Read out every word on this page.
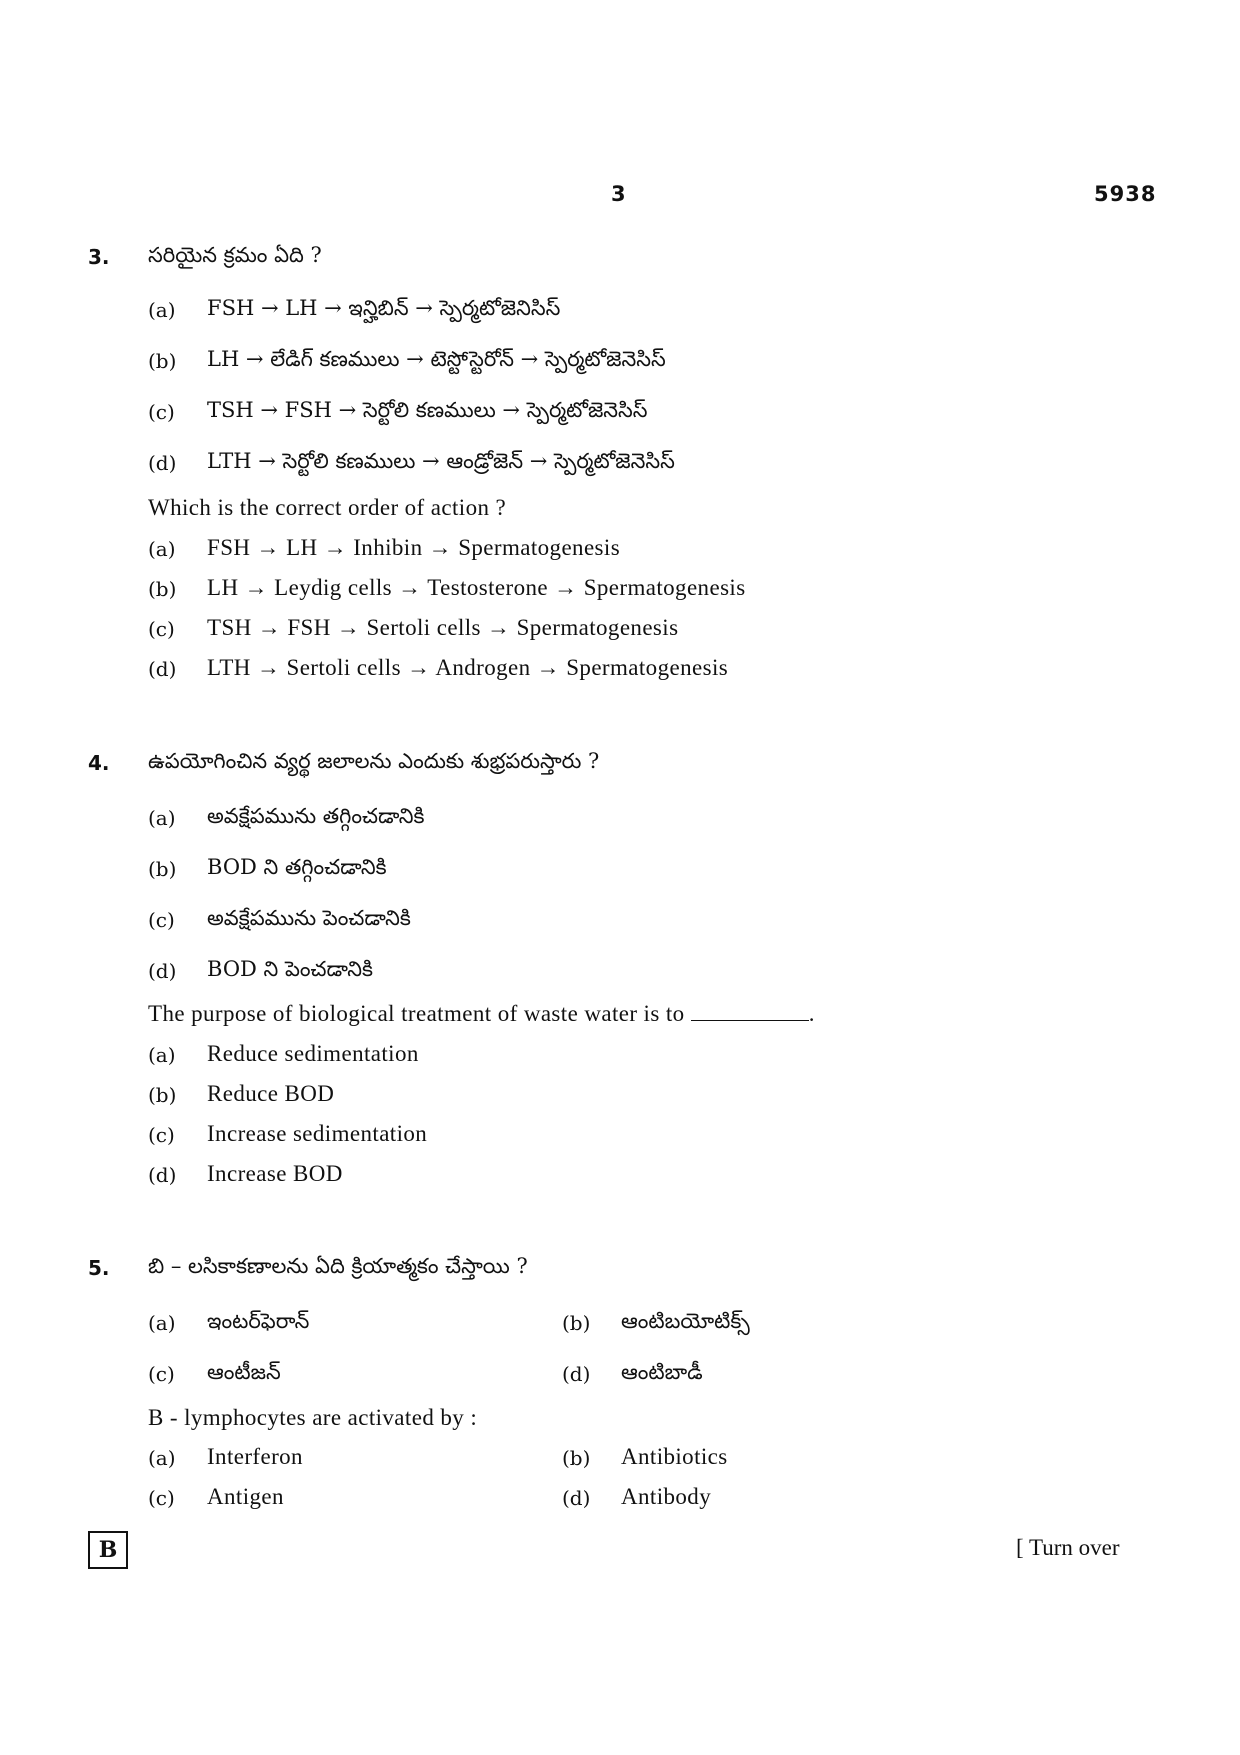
3	5938
3. సరియైన క్రమం ఏది ?
(a) FSH → LH → ఇన్హిబిన్ → స్పెర్మటోజెనిసిస్
(b) LH → లేడిగ్ కణములు → టెస్టోస్టెరోన్ → స్పెర్మటోజెనెసిస్
(c) TSH → FSH → సెర్టోలి కణములు → స్పెర్మటోజెనెసిస్
(d) LTH → సెర్టోలి కణములు → ఆండ్రోజెన్ → స్పెర్మటోజెనెసిస్
Which is the correct order of action ?
(a) FSH → LH → Inhibin → Spermatogenesis
(b) LH → Leydig cells → Testosterone → Spermatogenesis
(c) TSH → FSH → Sertoli cells → Spermatogenesis
(d) LTH → Sertoli cells → Androgen → Spermatogenesis
4. ఉపయోగించిన వ్యర్థ జలాలను ఎందుకు శుభ్రపరుస్తారు ?
(a) అవక్షేపమును తగ్గించడానికి
(b) BOD ని తగ్గించడానికి
(c) అవక్షేపమును పెంచడానికి
(d) BOD ని పెంచడానికి
The purpose of biological treatment of waste water is to	.
(a) Reduce sedimentation
(b) Reduce BOD
(c) Increase sedimentation
(d) Increase BOD
5. బి – లసికాకణాలను ఏది క్రియాత్మకం చేస్తాయి ?
(a) ఇంటర్‌ఫెరాన్	(b) ఆంటిబయోటిక్స్
(c) ఆంటీజన్	(d) ఆంటిబాడీ
B - lymphocytes are activated by :
(a) Interferon	(b) Antibiotics
(c) Antigen	(d) Antibody
B	[ Turn over
